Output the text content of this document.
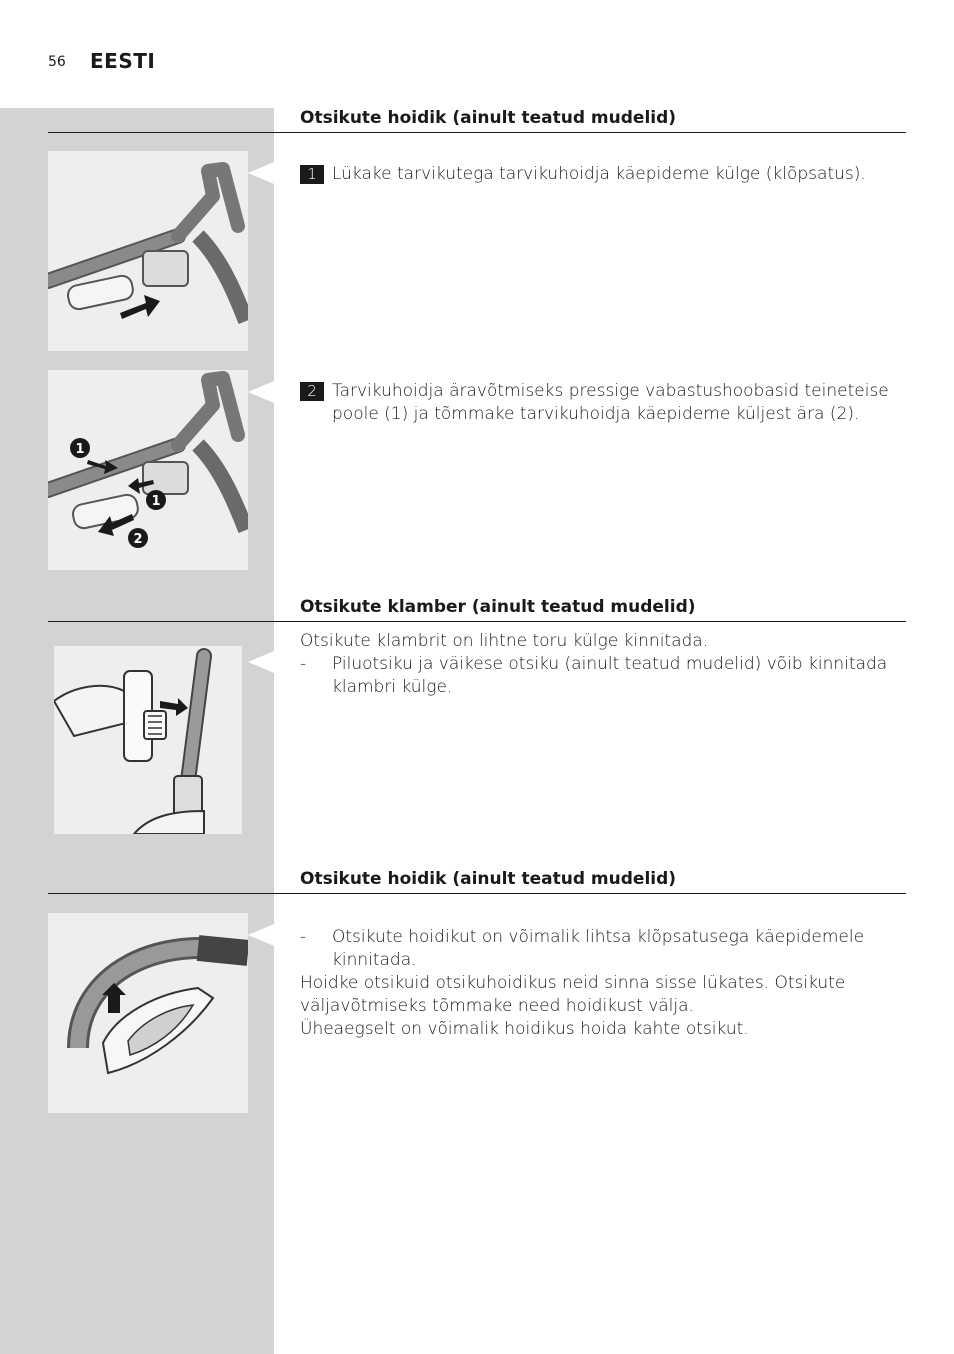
56 EESTI
Otsikute hoidik (ainult teatud mudelid)
1 Lükake tarvikutega tarvikuhoidja käepideme külge (klõpsatus).

1
1
2
2 Tarvikuhoidja äravõtmiseks pressige vabastushoobasid teineteise poole (1) ja tõmmake tarvikuhoidja käepideme küljest ära (2).

Otsikute klamber (ainult teatud mudelid)

Otsikute klambrit on lihtne toru külge kinnitada.

-	Piluotsiku ja väikese otsiku (ainult teatud mudelid) võib kinnitada klambri külge.

Otsikute hoidik (ainult teatud mudelid)
-	Otsikute hoidikut on võimalik lihtsa klõpsatusega käepidemele kinnitada.

Hoidke otsikuid otsikuhoidikus neid sinna sisse lükates. Otsikute väljavõtmiseks tõmmake need hoidikust välja.

Üheaegselt on võimalik hoidikus hoida kahte otsikut.
